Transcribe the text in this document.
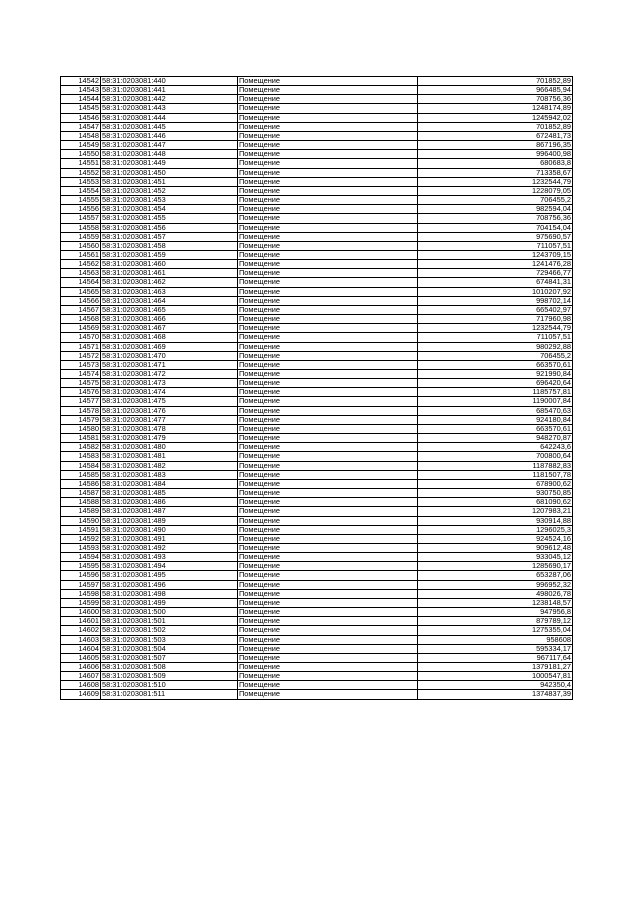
14542	58:31:0203081:440	Помещение	701852,89
14543	58:31:0203081:441	Помещение	966485,94
14544	58:31:0203081:442	Помещение	708756,36
14545	58:31:0203081:443	Помещение	1248174,89
14546	58:31:0203081:444	Помещение	1245942,02
14547	58:31:0203081:445	Помещение	701852,89
14548	58:31:0203081:446	Помещение	672481,73
14549	58:31:0203081:447	Помещение	867196,35
14550	58:31:0203081:448	Помещение	996400,98
14551	58:31:0203081:449	Помещение	680683,8
14552	58:31:0203081:450	Помещение	713358,67
14553	58:31:0203081:451	Помещение	1232544,79
14554	58:31:0203081:452	Помещение	1228079,05
14555	58:31:0203081:453	Помещение	706455,2
14556	58:31:0203081:454	Помещение	982594,04
14557	58:31:0203081:455	Помещение	708756,36
14558	58:31:0203081:456	Помещение	704154,04
14559	58:31:0203081:457	Помещение	975690,57
14560	58:31:0203081:458	Помещение	711057,51
14561	58:31:0203081:459	Помещение	1243709,15
14562	58:31:0203081:460	Помещение	1241476,28
14563	58:31:0203081:461	Помещение	729466,77
14564	58:31:0203081:462	Помещение	674841,31
14565	58:31:0203081:463	Помещение	1010207,92
14566	58:31:0203081:464	Помещение	998702,14
14567	58:31:0203081:465	Помещение	665402,97
14568	58:31:0203081:466	Помещение	717960,98
14569	58:31:0203081:467	Помещение	1232544,79
14570	58:31:0203081:468	Помещение	711057,51
14571	58:31:0203081:469	Помещение	980292,88
14572	58:31:0203081:470	Помещение	706455,2
14573	58:31:0203081:471	Помещение	663570,61
14574	58:31:0203081:472	Помещение	921990,84
14575	58:31:0203081:473	Помещение	696420,64
14576	58:31:0203081:474	Помещение	1185757,81
14577	58:31:0203081:475	Помещение	1190007,84
14578	58:31:0203081:476	Помещение	685470,63
14579	58:31:0203081:477	Помещение	924180,84
14580	58:31:0203081:478	Помещение	663570,61
14581	58:31:0203081:479	Помещение	948270,87
14582	58:31:0203081:480	Помещение	642243,6
14583	58:31:0203081:481	Помещение	700800,64
14584	58:31:0203081:482	Помещение	1187882,83
14585	58:31:0203081:483	Помещение	1181507,78
14586	58:31:0203081:484	Помещение	678900,62
14587	58:31:0203081:485	Помещение	930750,85
14588	58:31:0203081:486	Помещение	681090,62
14589	58:31:0203081:487	Помещение	1207983,21
14590	58:31:0203081:489	Помещение	930914,88
14591	58:31:0203081:490	Помещение	1296025,3
14592	58:31:0203081:491	Помещение	924524,16
14593	58:31:0203081:492	Помещение	909612,48
14594	58:31:0203081:493	Помещение	933045,12
14595	58:31:0203081:494	Помещение	1285690,17
14596	58:31:0203081:495	Помещение	653287,06
14597	58:31:0203081:496	Помещение	996952,32
14598	58:31:0203081:498	Помещение	498026,78
14599	58:31:0203081:499	Помещение	1238148,57
14600	58:31:0203081:500	Помещение	947956,8
14601	58:31:0203081:501	Помещение	879789,12
14602	58:31:0203081:502	Помещение	1275355,04
14603	58:31:0203081:503	Помещение	958608
14604	58:31:0203081:504	Помещение	595334,17
14605	58:31:0203081:507	Помещение	967117,64
14606	58:31:0203081:508	Помещение	1379181,27
14607	58:31:0203081:509	Помещение	1000547,81
14608	58:31:0203081:510	Помещение	942350,4
14609	58:31:0203081:511	Помещение	1374837,39
